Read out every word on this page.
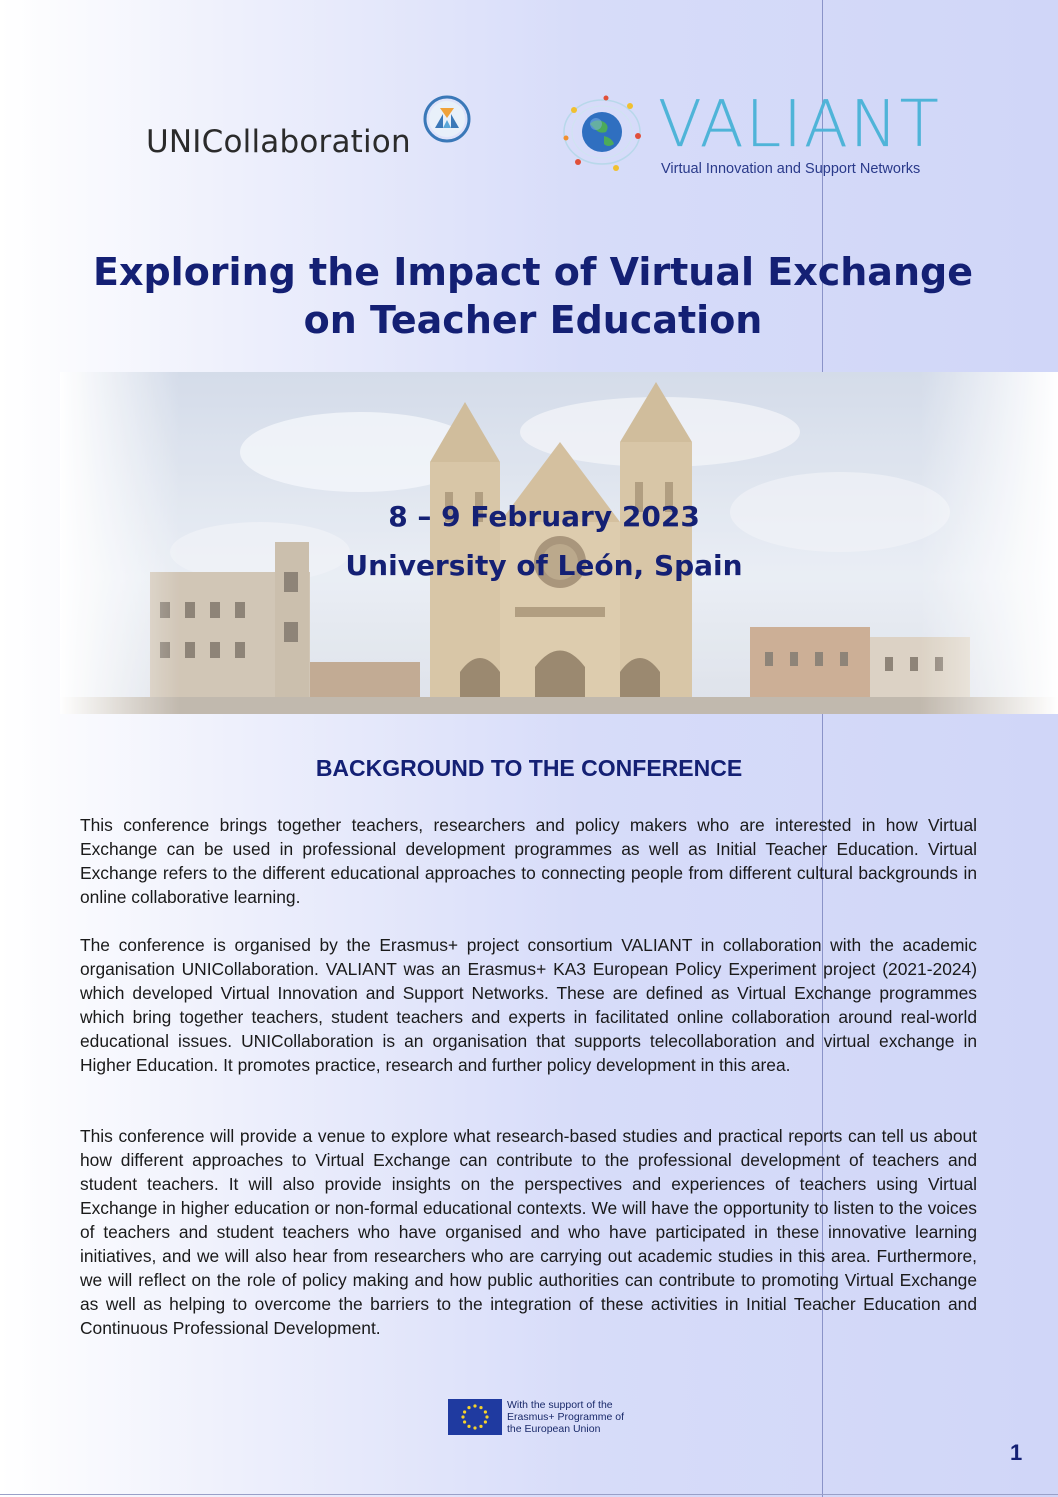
UNICollaboration	VALIANT
Virtual Innovation and Support Networks
Exploring the Impact of Virtual Exchange
on Teacher Education
8 – 9 February 2023
University of León, Spain
BACKGROUND TO THE CONFERENCE

This conference brings together teachers, researchers and policy makers who are interested in how Virtual Exchange can be used in professional development programmes as well as Initial Teacher Education. Virtual Exchange refers to the different educational approaches to connecting people from different cultural backgrounds in online collaborative learning.

The conference is organised by the Erasmus+ project consortium VALIANT in collaboration with the academic organisation UNICollaboration. VALIANT was an Erasmus+ KA3 European Policy Experiment project (2021-2024) which developed Virtual Innovation and Support Networks. These are defined as Virtual Exchange programmes which bring together teachers, student teachers and experts in facilitated online collaboration around real-world educational issues. UNICollaboration is an organisation that supports telecollaboration and virtual exchange in Higher Education. It promotes practice, research and further policy development in this area.

This conference will provide a venue to explore what research-based studies and practical reports can tell us about how different approaches to Virtual Exchange can contribute to the professional development of teachers and student teachers. It will also provide insights on the perspectives and experiences of teachers using Virtual Exchange in higher education or non-formal educational contexts. We will have the opportunity to listen to the voices of teachers and student teachers who have organised and who have participated in these innovative learning initiatives, and we will also hear from researchers who are carrying out academic studies in this area. Furthermore, we will reflect on the role of policy making and how public authorities can contribute to promoting Virtual Exchange as well as helping to overcome the barriers to the integration of these activities in Initial Teacher Education and Continuous Professional Development.

With the support of the Erasmus+ Programme of the European Union
1
